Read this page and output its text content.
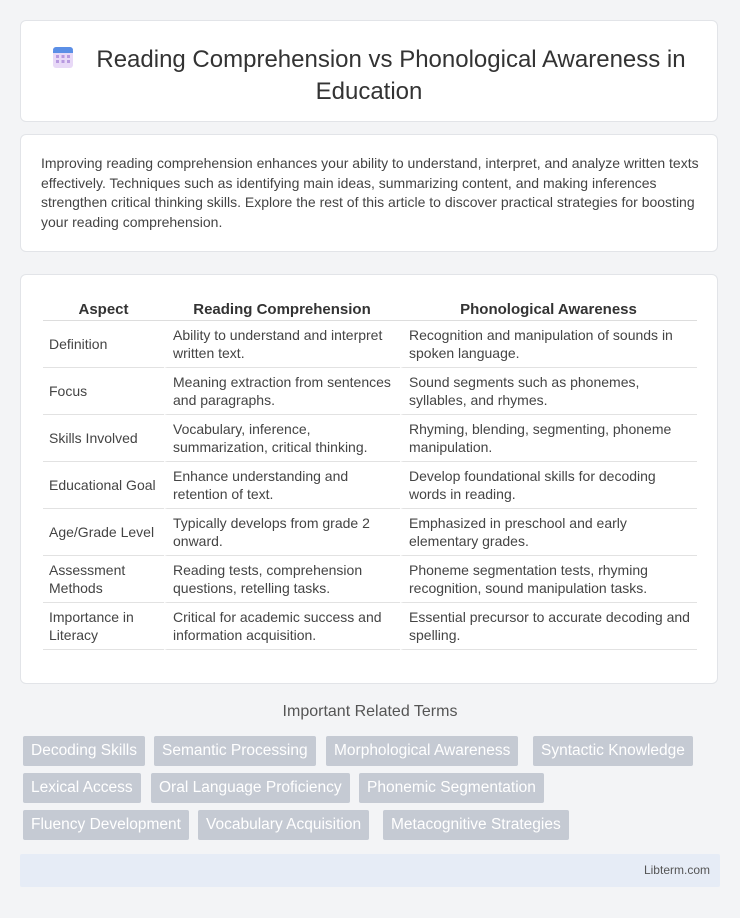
Reading Comprehension vs Phonological Awareness in
Education

Improving reading comprehension enhances your ability to understand, interpret, and analyze written texts effectively. Techniques such as identifying main ideas, summarizing content, and making inferences strengthen critical thinking skills. Explore the rest of this article to discover practical strategies for boosting your reading comprehension.

Aspect	Reading Comprehension	Phonological Awareness
Definition	Ability to understand and interpret written text.	Recognition and manipulation of sounds in spoken language.
Focus	Meaning extraction from sentences and paragraphs.	Sound segments such as phonemes, syllables, and rhymes.
Skills Involved	Vocabulary, inference, summarization, critical thinking.	Rhyming, blending, segmenting, phoneme manipulation.
Educational Goal	Enhance understanding and retention of text.	Develop foundational skills for decoding words in reading.
Age/Grade Level	Typically develops from grade 2 onward.	Emphasized in preschool and early elementary grades.
Assessment Methods	Reading tests, comprehension questions, retelling tasks.	Phoneme segmentation tests, rhyming recognition, sound manipulation tasks.
Importance in Literacy	Critical for academic success and information acquisition.	Essential precursor to accurate decoding and spelling.
Important Related Terms
Decoding Skills	Semantic Processing	Morphological Awareness	Syntactic Knowledge
Lexical Access	Oral Language Proficiency	Phonemic Segmentation
Fluency Development	Vocabulary Acquisition	Metacognitive Strategies
Libterm.com
